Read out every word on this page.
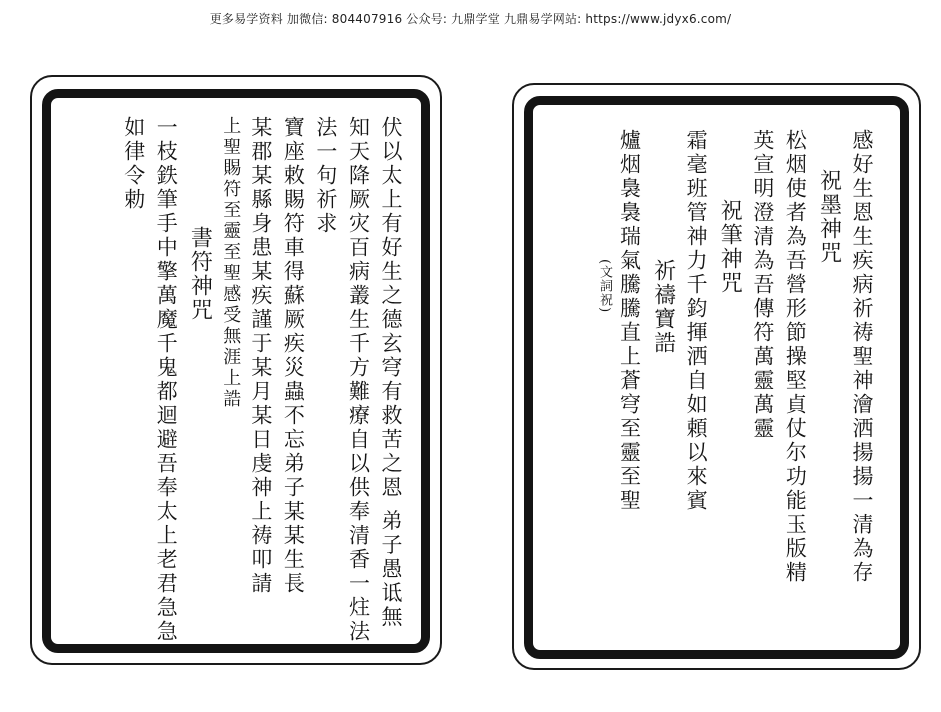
更多易学资料 加微信: 804407916 公众号: 九鼎学堂 九鼎易学网站: https://www.jdyx6.com/
伏以太上有好生之德玄穹有救苦之恩 弟子愚诋無
知天降厥灾百病叢生千方難療自以供奉清香一炷法
法一句祈求
寶座敕賜符車得蘇厥疾災蟲不忘弟子某某生長
某郡某縣身患某疾謹于某月某日虔神上祷叩請
上聖賜符至靈至聖感受無涯上誥
書符神咒
一枝鉄筆手中擎萬魔千鬼都迴避吾奉太上老君急急
如律令勅	感好生恩生疾病祈祷聖神澮洒揚揚一清為存
祝墨神咒
松烟使者為吾營形節操堅貞仗尔功能玉版精
英宣明澄清為吾傳符萬靈萬靈
祝筆神咒
霜毫班管神力千鈞揮洒自如頼以來賓
祈禱寶誥
爐烟裊裊瑞氣騰騰直上蒼穹至靈至聖
(文詞祝)
